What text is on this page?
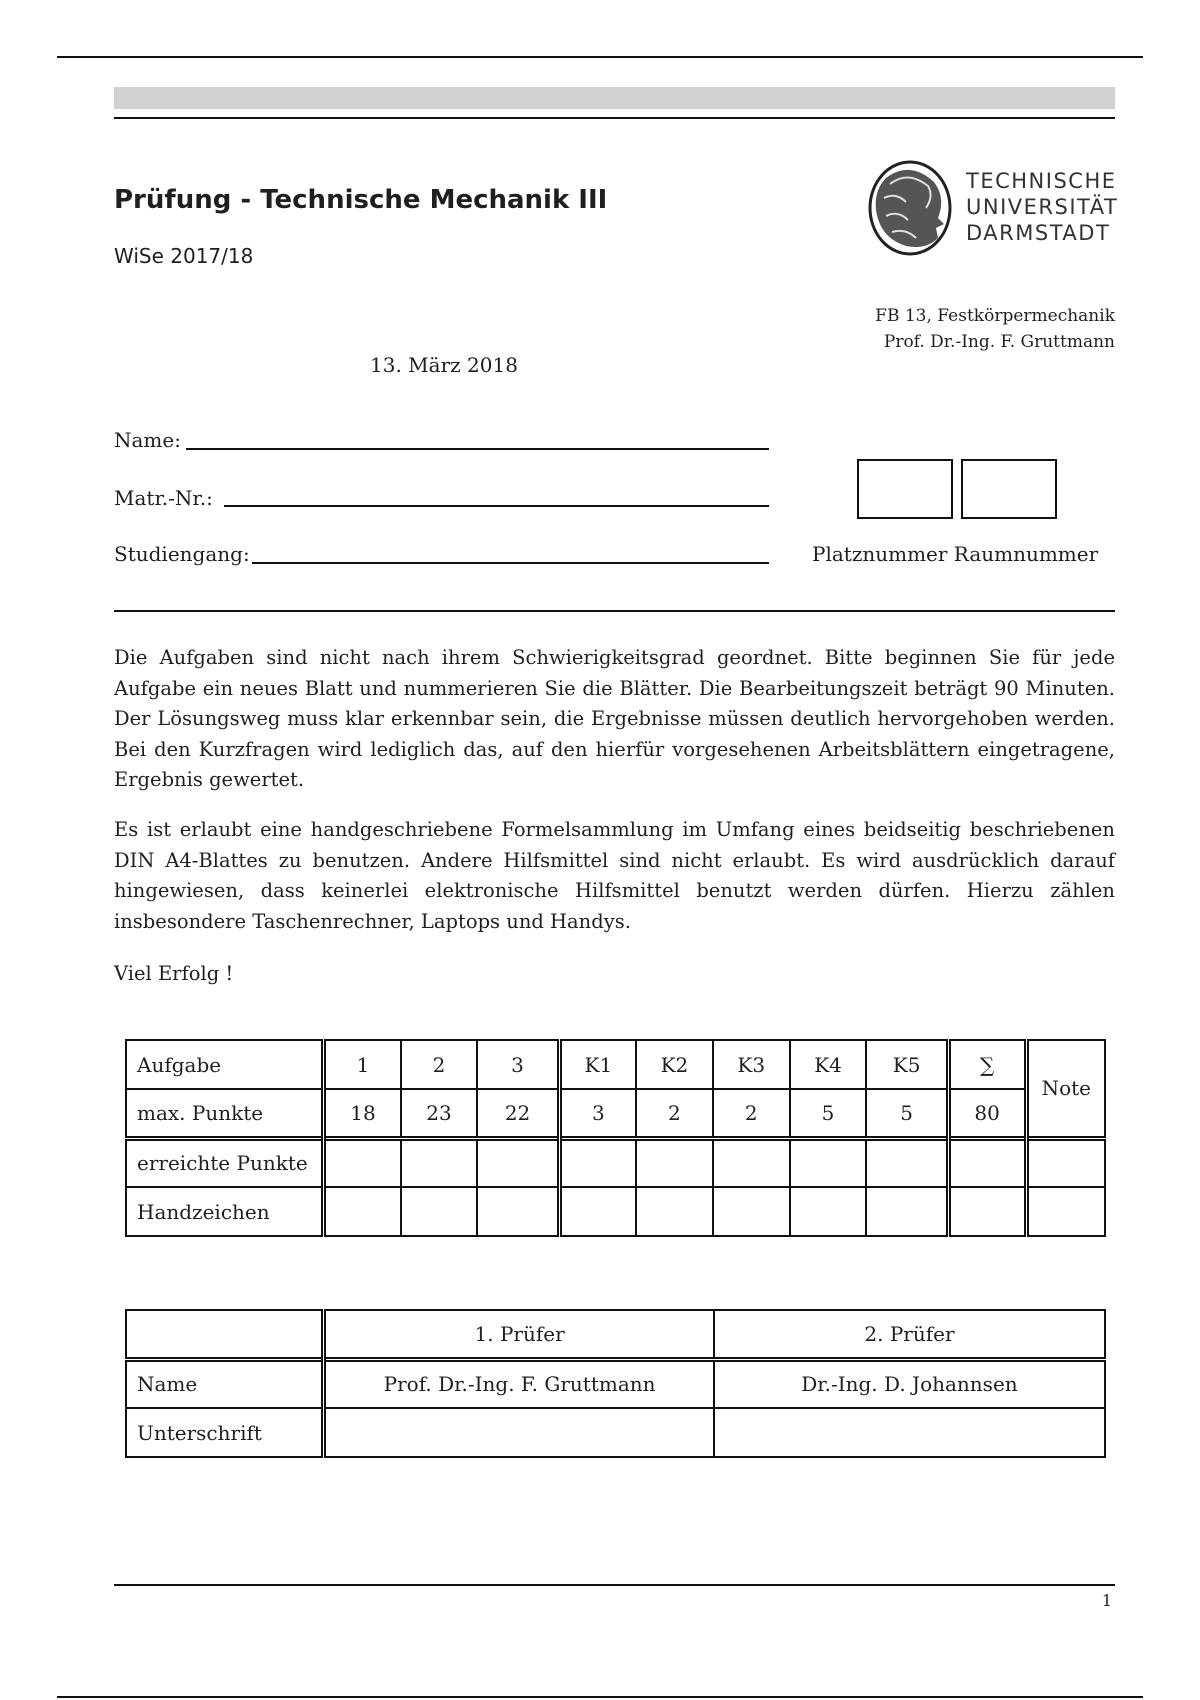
Prüfung - Technische Mechanik III
WiSe 2017/18
TECHNISCHE
UNIVERSITÄT
DARMSTADT
FB 13, Festkörpermechanik
Prof. Dr.-Ing. F. Gruttmann
13. März 2018
Name:
Matr.-Nr.:
Studiengang:	Platznummer Raumnummer
Die Aufgaben sind nicht nach ihrem Schwierigkeitsgrad geordnet. Bitte beginnen Sie für jede Aufgabe ein neues Blatt und nummerieren Sie die Blätter. Die Bearbeitungszeit beträgt 90 Minuten. Der Lösungsweg muss klar erkennbar sein, die Ergebnisse müssen deutlich hervorgehoben werden. Bei den Kurzfragen wird lediglich das, auf den hierfür vorgesehenen Arbeitsblättern eingetragene, Ergebnis gewertet.
Es ist erlaubt eine handgeschriebene Formelsammlung im Umfang eines beidseitig beschriebenen DIN A4-Blattes zu benutzen. Andere Hilfsmittel sind nicht erlaubt. Es wird ausdrücklich darauf hingewiesen, dass keinerlei elektronische Hilfsmittel benutzt werden dürfen. Hierzu zählen insbesondere Taschenrechner, Laptops und Handys.
Viel Erfolg !
Aufgabe	1	2	3	K1	K2	K3	K4	K5	∑	Note
max. Punkte	18	23	22	3	2	2	5	5	80	
erreichte Punkte										
Handzeichen										
	1. Prüfer	2. Prüfer
Name	Prof. Dr.-Ing. F. Gruttmann	Dr.-Ing. D. Johannsen
Unterschrift		
1
